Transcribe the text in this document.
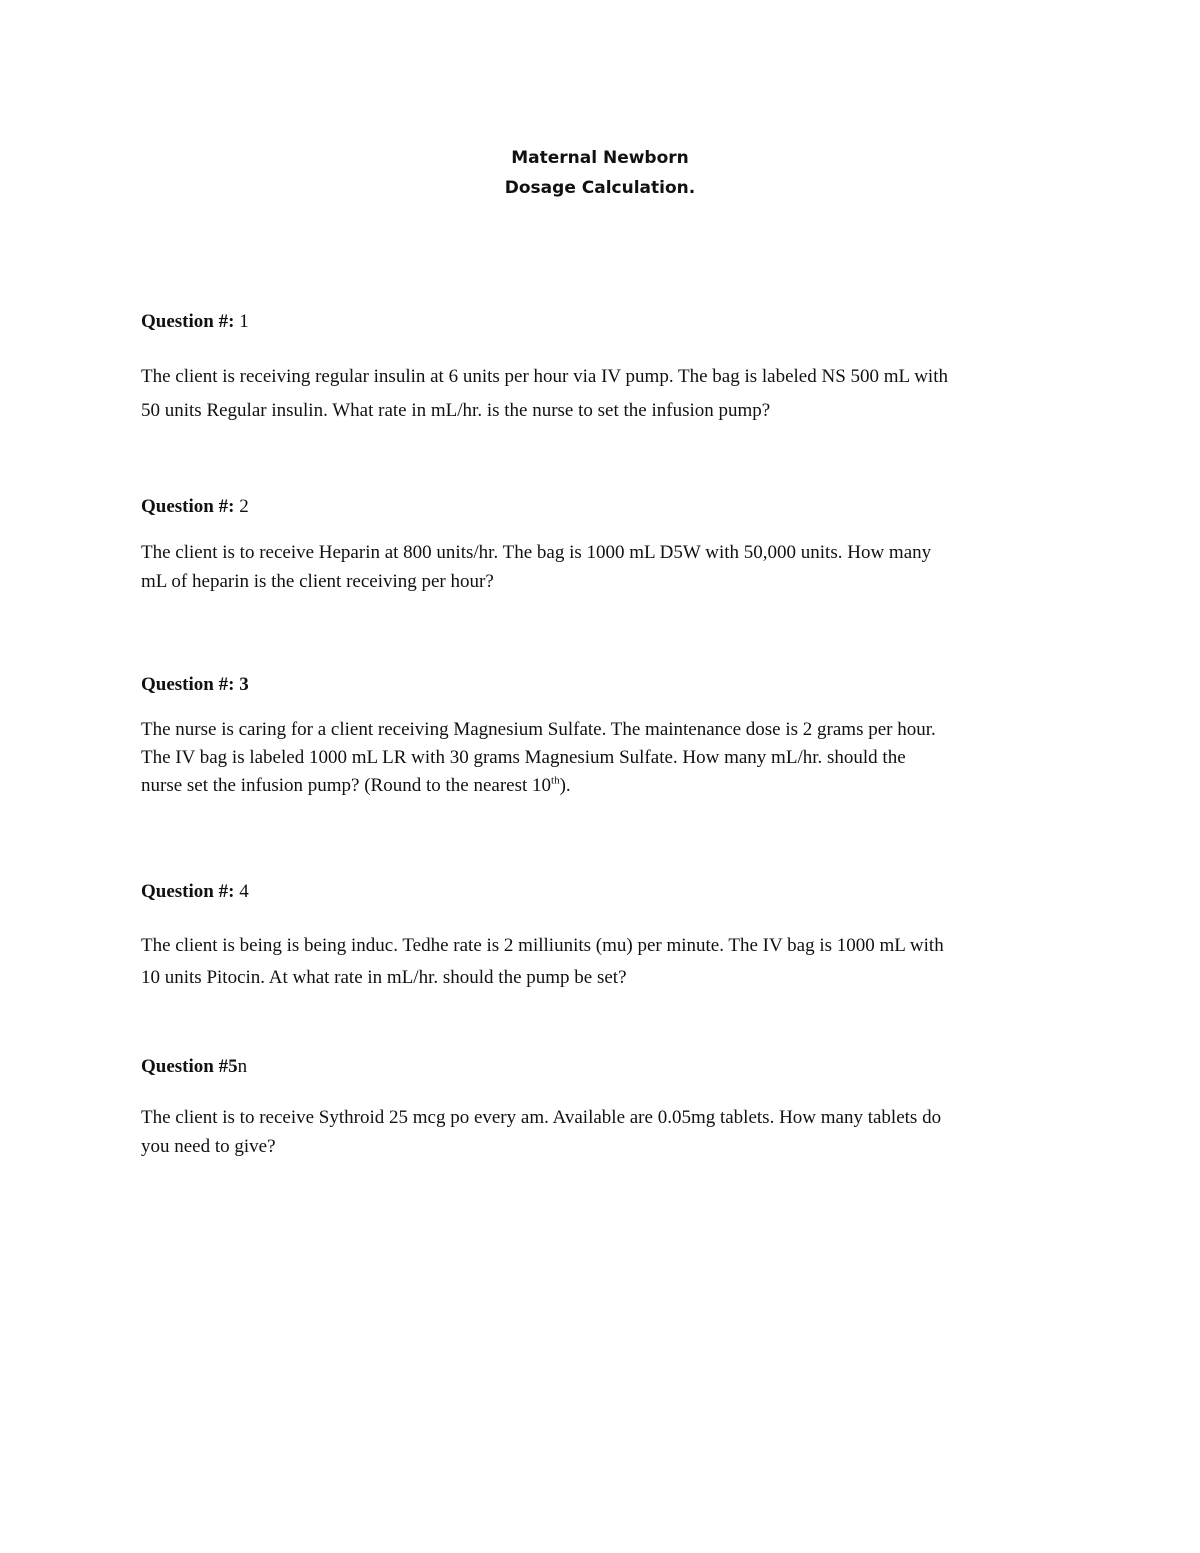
Maternal Newborn
Dosage Calculation.

Question #: 1

The client is receiving regular insulin at 6 units per hour via IV pump. The bag is labeled NS 500 mL with
50 units Regular insulin. What rate in mL/hr. is the nurse to set the infusion pump?

Question #: 2

The client is to receive Heparin at 800 units/hr. The bag is 1000 mL D5W with 50,000 units. How many
mL of heparin is the client receiving per hour?

Question #: 3

The nurse is caring for a client receiving Magnesium Sulfate. The maintenance dose is 2 grams per hour.
The IV bag is labeled 1000 mL LR with 30 grams Magnesium Sulfate. How many mL/hr. should the
nurse set the infusion pump? (Round to the nearest 10th).

Question #: 4

The client is being is being induc. Tedhe rate is 2 milliunits (mu) per minute. The IV bag is 1000 mL with
10 units Pitocin. At what rate in mL/hr. should the pump be set?

Question #5n

The client is to receive Sythroid 25 mcg po every am. Available are 0.05mg tablets. How many tablets do
you need to give?
